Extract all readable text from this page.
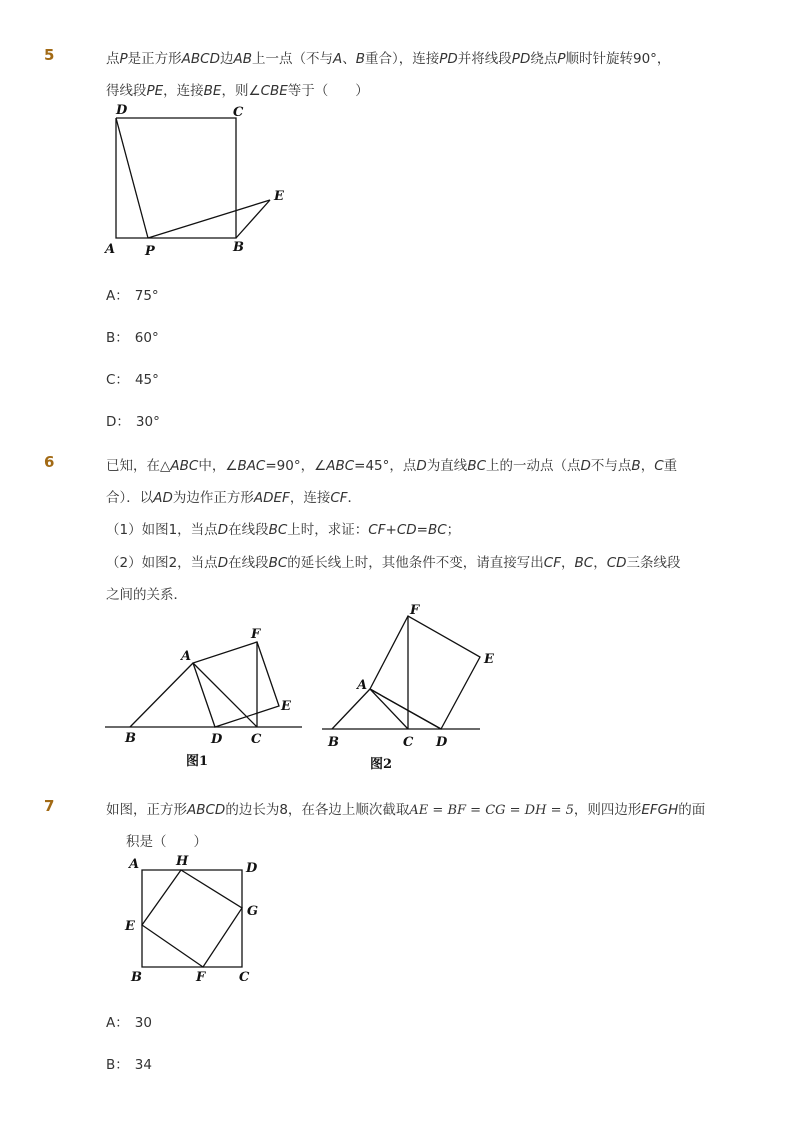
5	点P是正方形ABCD边AB上一点（不与A、B重合），连接PD并将线段PD绕点P顺时针旋转90°，
得线段PE，连接BE，则∠CBE等于（　　）
D	C
E
A P	B
A： 75°
B： 60°
C： 45°
D： 30°
6	已知，在△ABC中，∠BAC=90°，∠ABC=45°，点D为直线BC上的一动点（点D不与点B，C重
合）．以AD为边作正方形ADEF，连接CF．
（1）如图1，当点D在线段BC上时，求证：CF+CD=BC；
（2）如图2，当点D在线段BC的延长线上时，其他条件不变，请直接写出CF，BC，CD三条线段
之间的关系．
A
F
E
B	D C
图1
F
E
A
B	C D
图2
7	如图，正方形ABCD的边长为8，在各边上顺次截取AE = BF = CG = DH = 5，则四边形EFGH的面
积是（　　）
A	H	D
E
G
B	F	C
A： 30
B： 34
